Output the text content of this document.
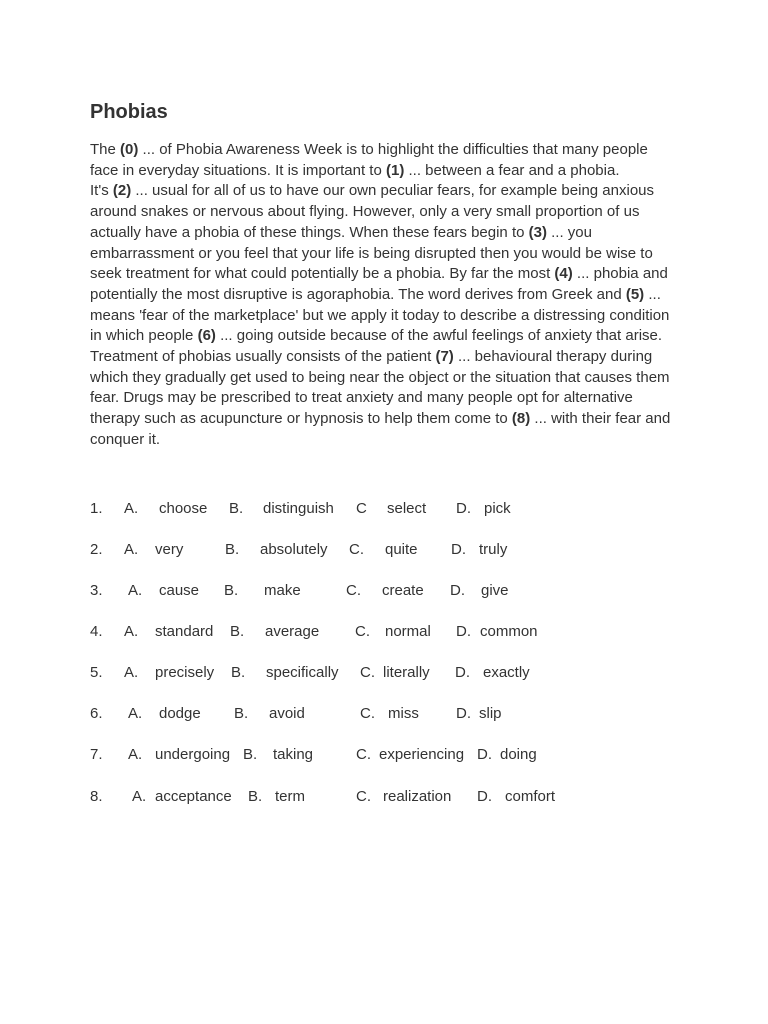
Phobias
The (0) ... of Phobia Awareness Week is to highlight the difficulties that many people
face in everyday situations. It is important to (1) ... between a fear and a phobia.
It's (2) ... usual for all of us to have our own peculiar fears, for example being anxious
around snakes or nervous about flying. However, only a very small proportion of us
actually have a phobia of these things. When these fears begin to (3) ... you
embarrassment or you feel that your life is being disrupted then you would be wise to
seek treatment for what could potentially be a phobia. By far the most (4) ... phobia and
potentially the most disruptive is agoraphobia. The word derives from Greek and (5) ...
means 'fear of the marketplace' but we apply it today to describe a distressing condition
in which people (6) ... going outside because of the awful feelings of anxiety that arise.
Treatment of phobias usually consists of the patient (7) ... behavioural therapy during
which they gradually get used to being near the object or the situation that causes them
fear. Drugs may be prescribed to treat anxiety and many people opt for alternative
therapy such as acupuncture or hypnosis to help them come to (8) ... with their fear and
conquer it.
1. A. choose B. distinguish C select D. pick
2. A. very	B. absolutely C. quite D. truly
3. A. cause B. make	C. create D. give
4. A. standard B. average C. normal D. common
5. A. precisely B. specifically C. literally D. exactly
6. A. dodge B. avoid	C. miss D. slip
7. A. undergoing B. taking	C. experiencing D. doing
8. A. acceptance B. term	C. realization D. comfort
